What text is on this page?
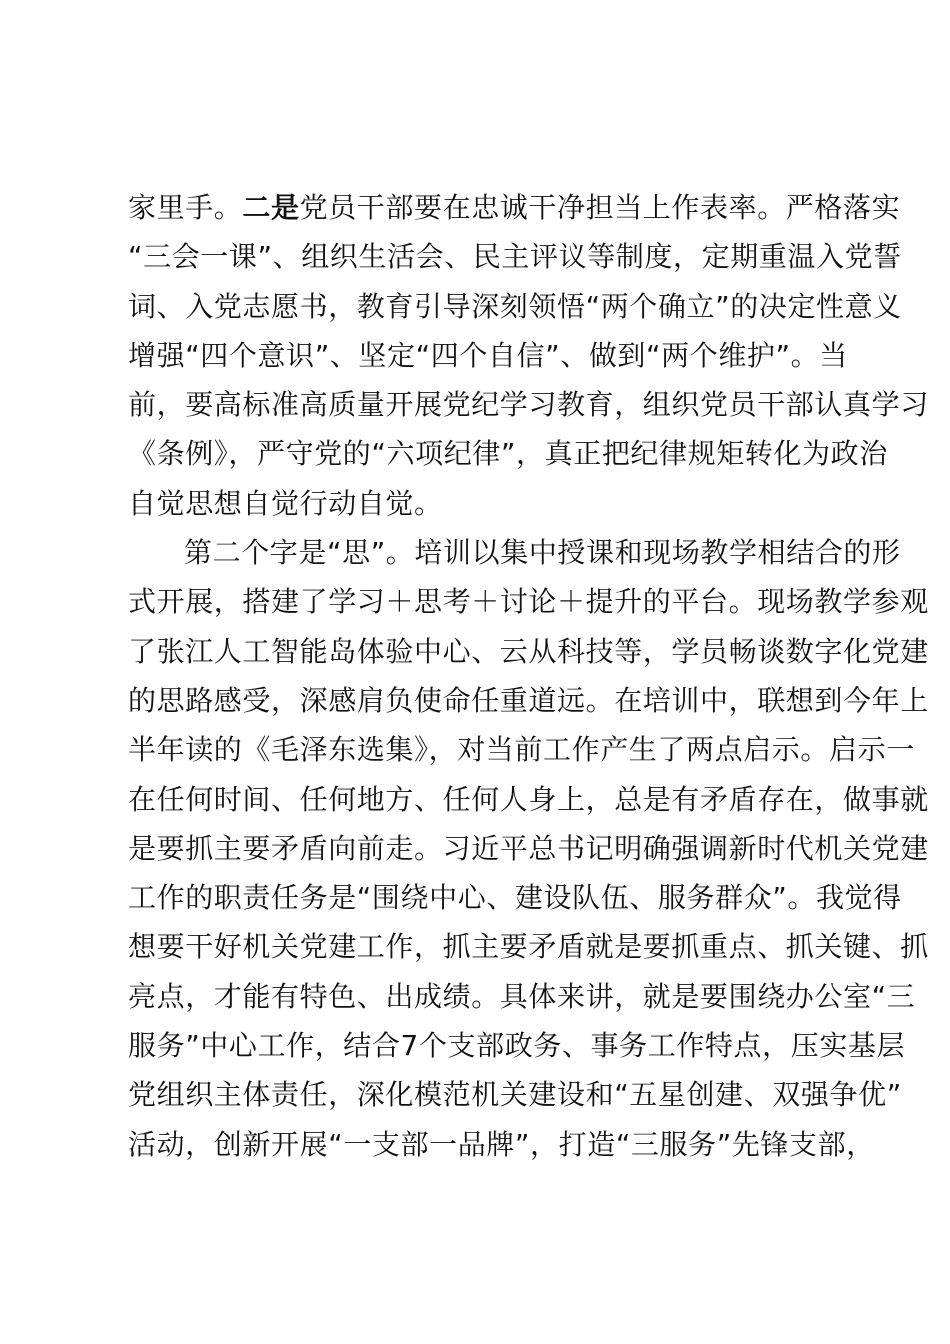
家里手。二是党员干部要在忠诚干净担当上作表率。严格落实
“三会一课”、组织生活会、民主评议等制度，定期重温入党誓
词、入党志愿书，教育引导深刻领悟“两个确立”的决定性意义
增强“四个意识”、坚定“四个自信”、做到“两个维护”。当
前，要高标准高质量开展党纪学习教育，组织党员干部认真学习
《条例》，严守党的“六项纪律”，真正把纪律规矩转化为政治
自觉思想自觉行动自觉。
第二个字是“思”。培训以集中授课和现场教学相结合的形
式开展，搭建了学习＋思考＋讨论＋提升的平台。现场教学参观
了张江人工智能岛体验中心、云从科技等，学员畅谈数字化党建
的思路感受，深感肩负使命任重道远。在培训中，联想到今年上
半年读的《毛泽东选集》，对当前工作产生了两点启示。启示一
在任何时间、任何地方、任何人身上，总是有矛盾存在，做事就
是要抓主要矛盾向前走。习近平总书记明确强调新时代机关党建
工作的职责任务是“围绕中心、建设队伍、服务群众”。我觉得
想要干好机关党建工作，抓主要矛盾就是要抓重点、抓关键、抓
亮点，才能有特色、出成绩。具体来讲，就是要围绕办公室“三
服务”中心工作，结合7个支部政务、事务工作特点，压实基层
党组织主体责任，深化模范机关建设和“五星创建、双强争优”
活动，创新开展“一支部一品牌”，打造“三服务”先锋支部，
